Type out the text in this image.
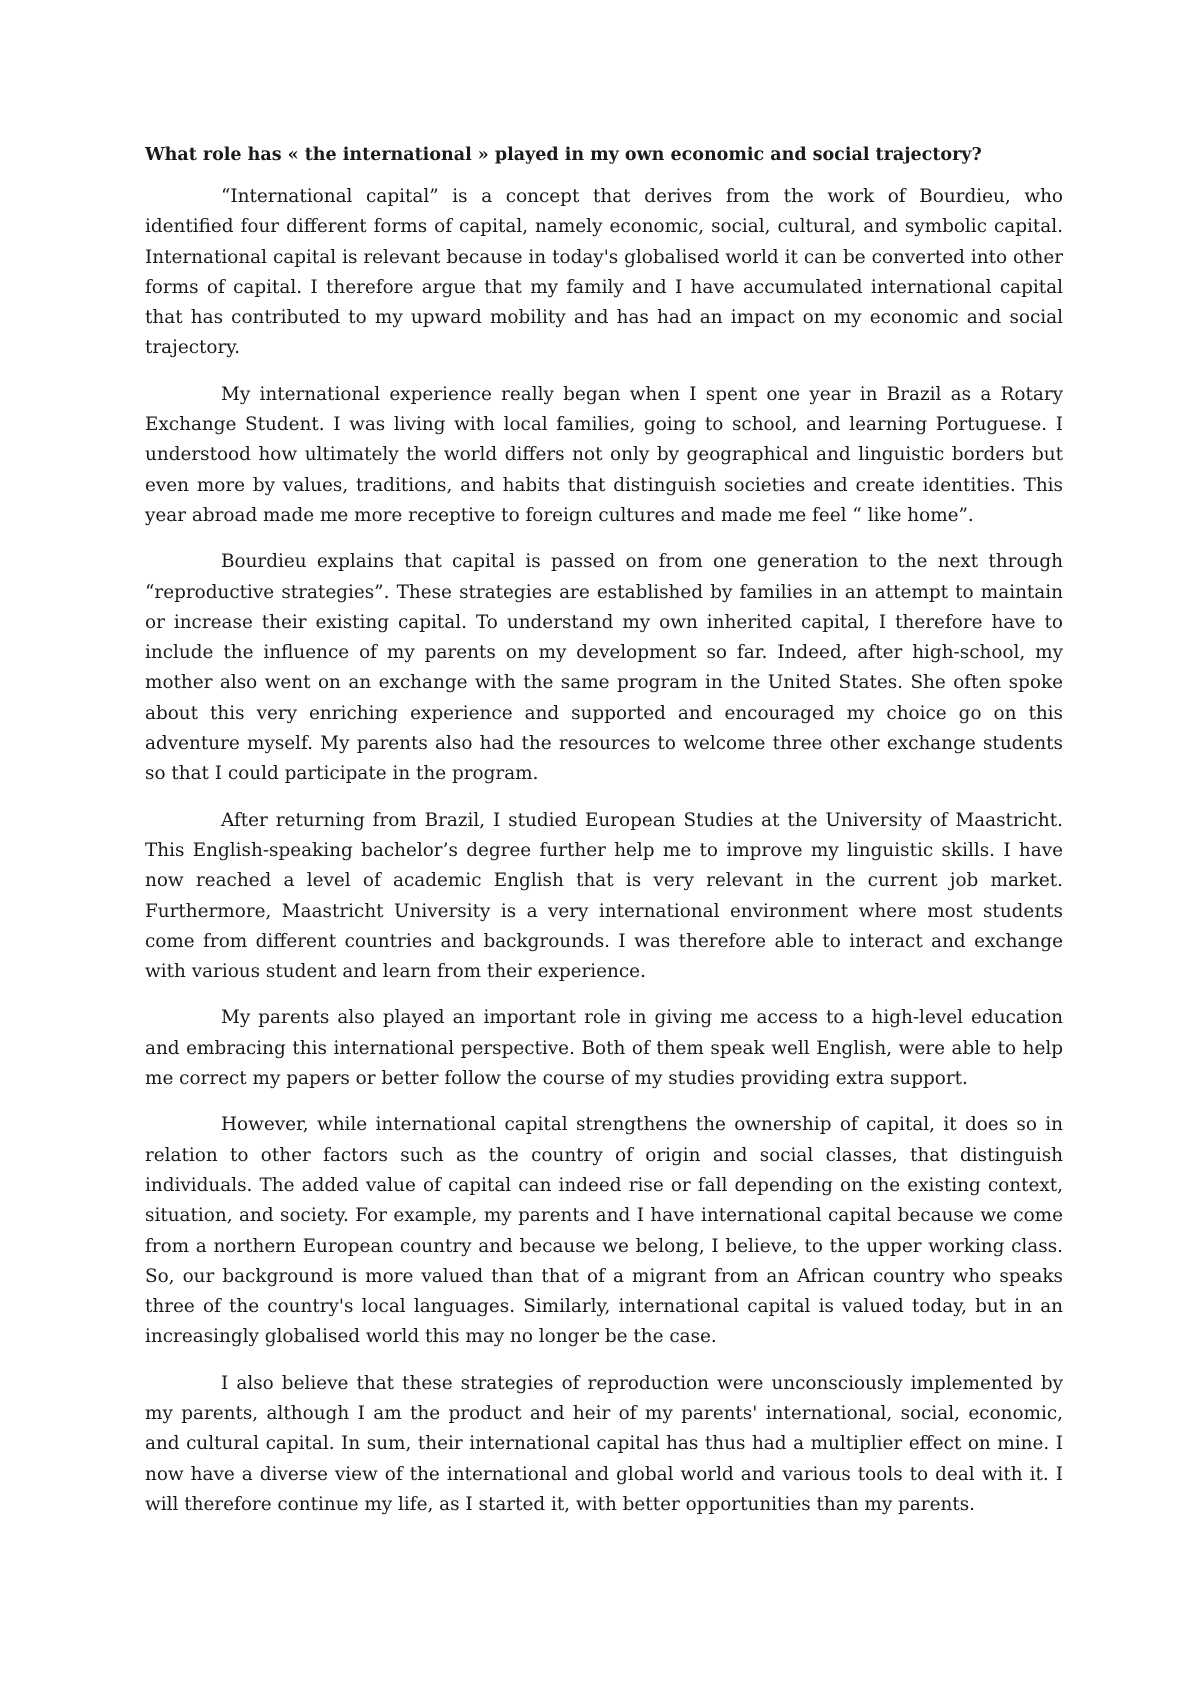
What role has « the international » played in my own economic and social trajectory?

“International capital” is a concept that derives from the work of Bourdieu, who identified four different forms of capital, namely economic, social, cultural, and symbolic capital. International capital is relevant because in today's globalised world it can be converted into other forms of capital. I therefore argue that my family and I have accumulated international capital that has contributed to my upward mobility and has had an impact on my economic and social trajectory.

My international experience really began when I spent one year in Brazil as a Rotary Exchange Student. I was living with local families, going to school, and learning Portuguese. I understood how ultimately the world differs not only by geographical and linguistic borders but even more by values, traditions, and habits that distinguish societies and create identities. This year abroad made me more receptive to foreign cultures and made me feel “ like home”.

Bourdieu explains that capital is passed on from one generation to the next through “reproductive strategies”. These strategies are established by families in an attempt to maintain or increase their existing capital. To understand my own inherited capital, I therefore have to include the influence of my parents on my development so far. Indeed, after high-school, my mother also went on an exchange with the same program in the United States. She often spoke about this very enriching experience and supported and encouraged my choice go on this adventure myself. My parents also had the resources to welcome three other exchange students so that I could participate in the program.

After returning from Brazil, I studied European Studies at the University of Maastricht. This English-speaking bachelor’s degree further help me to improve my linguistic skills. I have now reached a level of academic English that is very relevant in the current job market. Furthermore, Maastricht University is a very international environment where most students come from different countries and backgrounds. I was therefore able to interact and exchange with various student and learn from their experience.

My parents also played an important role in giving me access to a high-level education and embracing this international perspective. Both of them speak well English, were able to help me correct my papers or better follow the course of my studies providing extra support.

However, while international capital strengthens the ownership of capital, it does so in relation to other factors such as the country of origin and social classes, that distinguish individuals. The added value of capital can indeed rise or fall depending on the existing context, situation, and society. For example, my parents and I have international capital because we come from a northern European country and because we belong, I believe, to the upper working class. So, our background is more valued than that of a migrant from an African country who speaks three of the country's local languages. Similarly, international capital is valued today, but in an increasingly globalised world this may no longer be the case.

I also believe that these strategies of reproduction were unconsciously implemented by my parents, although I am the product and heir of my parents' international, social, economic, and cultural capital. In sum, their international capital has thus had a multiplier effect on mine. I now have a diverse view of the international and global world and various tools to deal with it. I will therefore continue my life, as I started it, with better opportunities than my parents.
